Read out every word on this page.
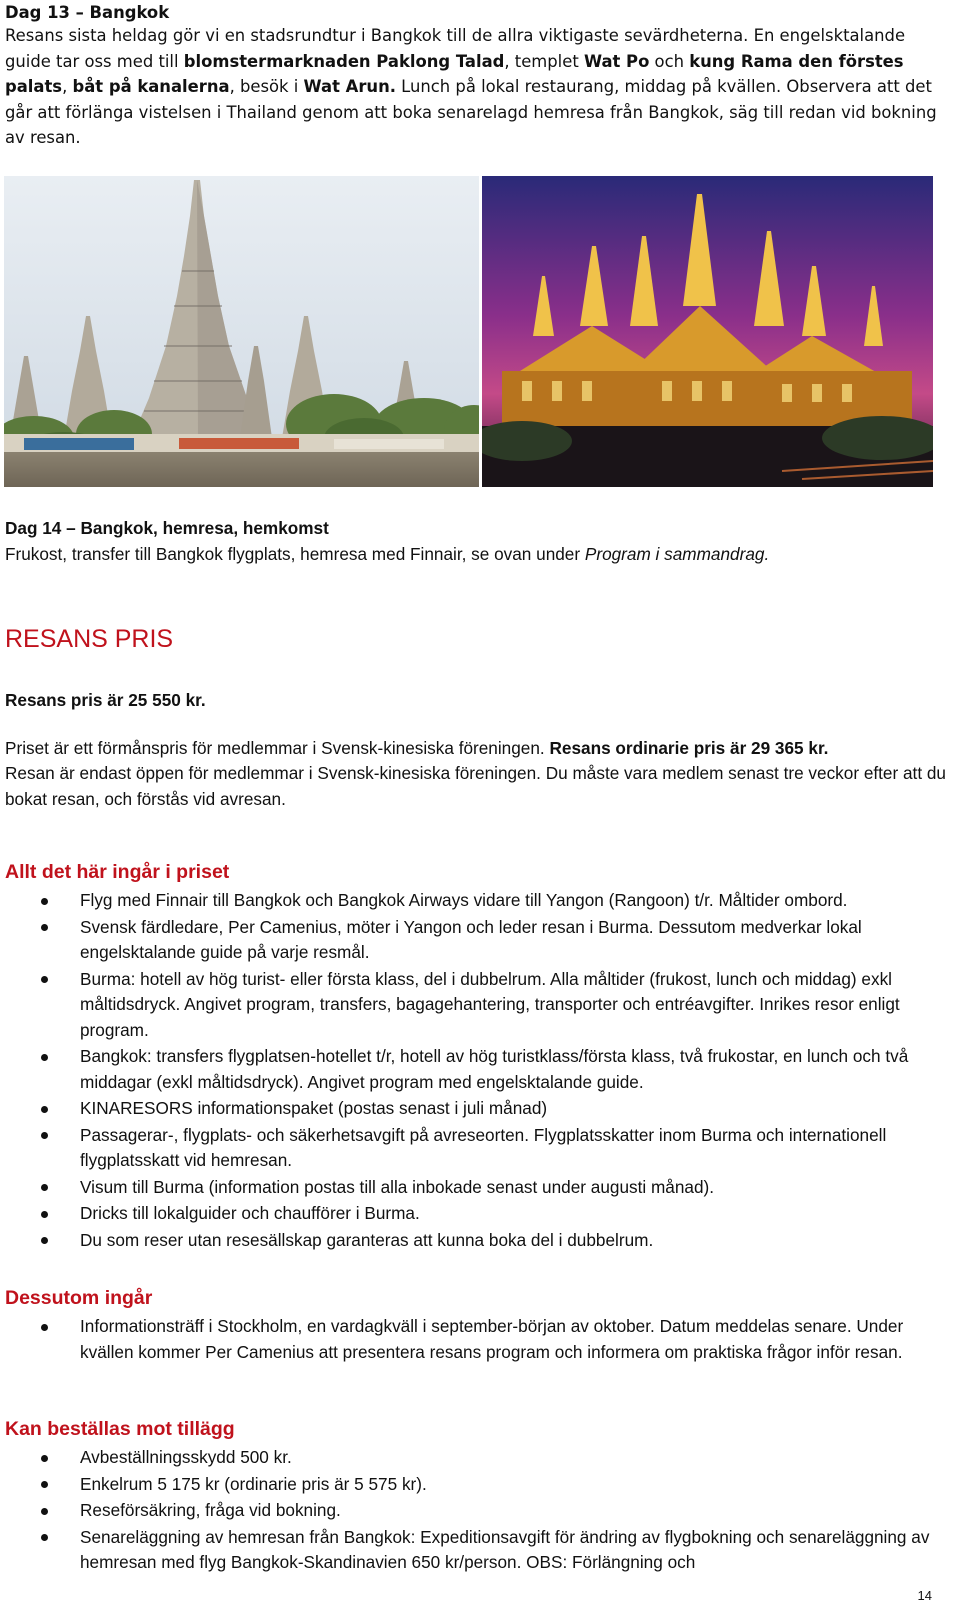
Dag 13 – Bangkok

Resans sista heldag gör vi en stadsrundtur i Bangkok till de allra viktigaste sevärdheterna. En engelsktalande guide tar oss med till blomstermarknaden Paklong Talad, templet Wat Po och kung Rama den förstes palats, båt på kanalerna, besök i Wat Arun. Lunch på lokal restaurang, middag på kvällen. Observera att det går att förlänga vistelsen i Thailand genom att boka senarelagd hemresa från Bangkok, säg till redan vid bokning av resan.

Dag 14 – Bangkok, hemresa, hemkomst

Frukost, transfer till Bangkok flygplats, hemresa med Finnair, se ovan under Program i sammandrag.

RESANS PRIS
Resans pris är 25 550 kr.

Priset är ett förmånspris för medlemmar i Svensk-kinesiska föreningen. Resans ordinarie pris är 29 365 kr.

Resan är endast öppen för medlemmar i Svensk-kinesiska föreningen. Du måste vara medlem senast tre veckor efter att du bokat resan, och förstås vid avresan.

Allt det här ingår i priset
Flyg med Finnair till Bangkok och Bangkok Airways vidare till Yangon (Rangoon) t/r. Måltider ombord.
Svensk färdledare, Per Camenius, möter i Yangon och leder resan i Burma. Dessutom medverkar lokal engelsktalande guide på varje resmål.
Burma: hotell av hög turist- eller första klass, del i dubbelrum. Alla måltider (frukost, lunch och middag) exkl måltidsdryck. Angivet program, transfers, bagagehantering, transporter och entréavgifter. Inrikes resor enligt program.
Bangkok: transfers flygplatsen-hotellet t/r, hotell av hög turistklass/första klass, två frukostar, en lunch och två middagar (exkl måltidsdryck). Angivet program med engelsktalande guide.
KINARESORS informationspaket (postas senast i juli månad)
Passagerar-, flygplats- och säkerhetsavgift på avreseorten. Flygplatsskatter inom Burma och internationell flygplatsskatt vid hemresan.
Visum till Burma (information postas till alla inbokade senast under augusti månad).
Dricks till lokalguider och chaufförer i Burma.
Du som reser utan resesällskap garanteras att kunna boka del i dubbelrum.
Dessutom ingår
Informationsträff i Stockholm, en vardagkväll i september-början av oktober. Datum meddelas senare. Under kvällen kommer Per Camenius att presentera resans program och informera om praktiska frågor inför resan.
Kan beställas mot tillägg
Avbeställningsskydd 500 kr.
Enkelrum 5 175 kr (ordinarie pris är 5 575 kr).
Reseförsäkring, fråga vid bokning.
Senareläggning av hemresan från Bangkok: Expeditionsavgift för ändring av flygbokning och senareläggning av hemresan med flyg Bangkok-Skandinavien 650 kr/person. OBS: Förlängning och
14
